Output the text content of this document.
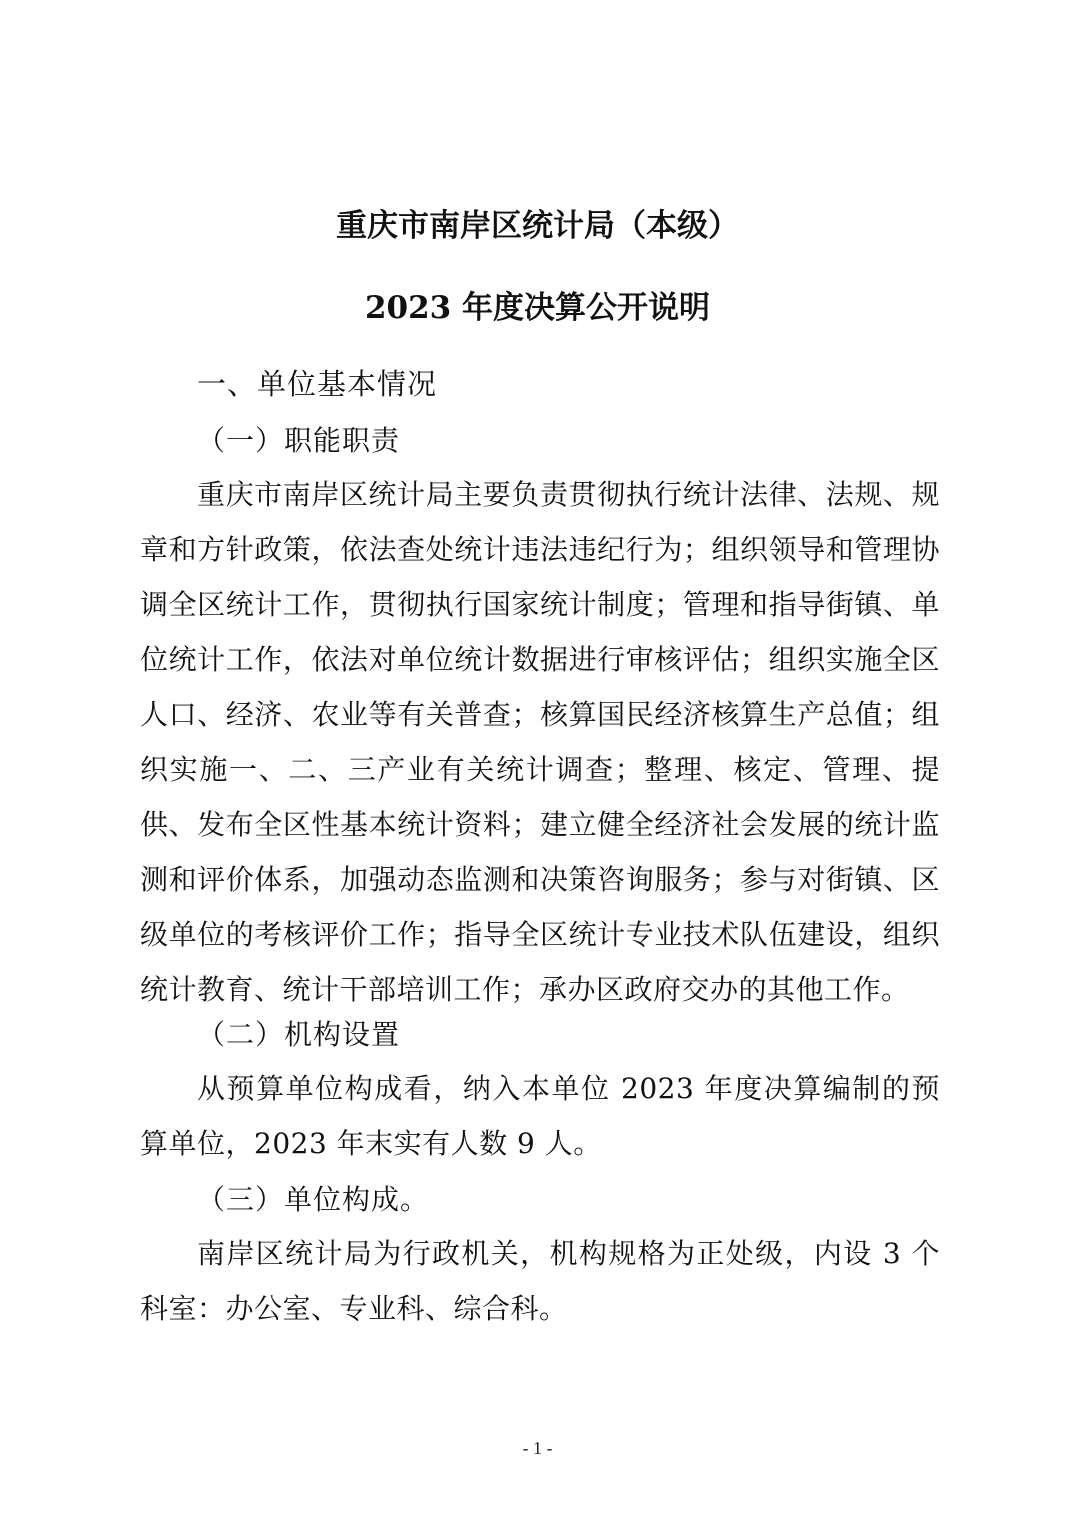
重庆市南岸区统计局（本级）
2023 年度决算公开说明
一、单位基本情况
（一）职能职责

重庆市南岸区统计局主要负责贯彻执行统计法律、法规、规章和方针政策，依法查处统计违法违纪行为；组织领导和管理协调全区统计工作，贯彻执行国家统计制度；管理和指导街镇、单位统计工作，依法对单位统计数据进行审核评估；组织实施全区人口、经济、农业等有关普查；核算国民经济核算生产总值；组织实施一、二、三产业有关统计调查；整理、核定、管理、提供、发布全区性基本统计资料；建立健全经济社会发展的统计监测和评价体系，加强动态监测和决策咨询服务；参与对街镇、区级单位的考核评价工作；指导全区统计专业技术队伍建设，组织统计教育、统计干部培训工作；承办区政府交办的其他工作。

（二）机构设置

从预算单位构成看，纳入本单位 2023 年度决算编制的预算单位，2023 年末实有人数 9 人。

（三）单位构成。

南岸区统计局为行政机关，机构规格为正处级，内设 3 个科室：办公室、专业科、综合科。

- 1 -
